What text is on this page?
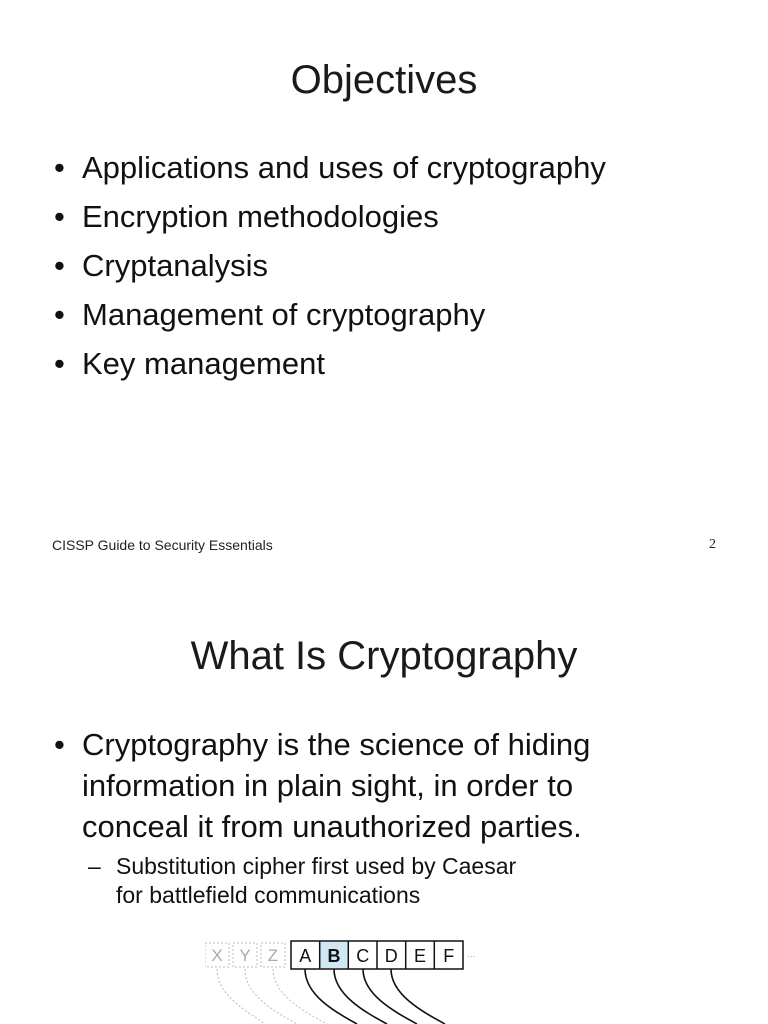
Objectives
• Applications and uses of cryptography
• Encryption methodologies
• Cryptanalysis
• Management of cryptography
• Key management
CISSP Guide to Security Essentials	2
What Is Cryptography
• Cryptography is the science of hiding
information in plain sight, in order to
conceal it from unauthorized parties.
– Substitution cipher first used by Caesar
for battlefield communications
X Y Z A B C D E F ...
